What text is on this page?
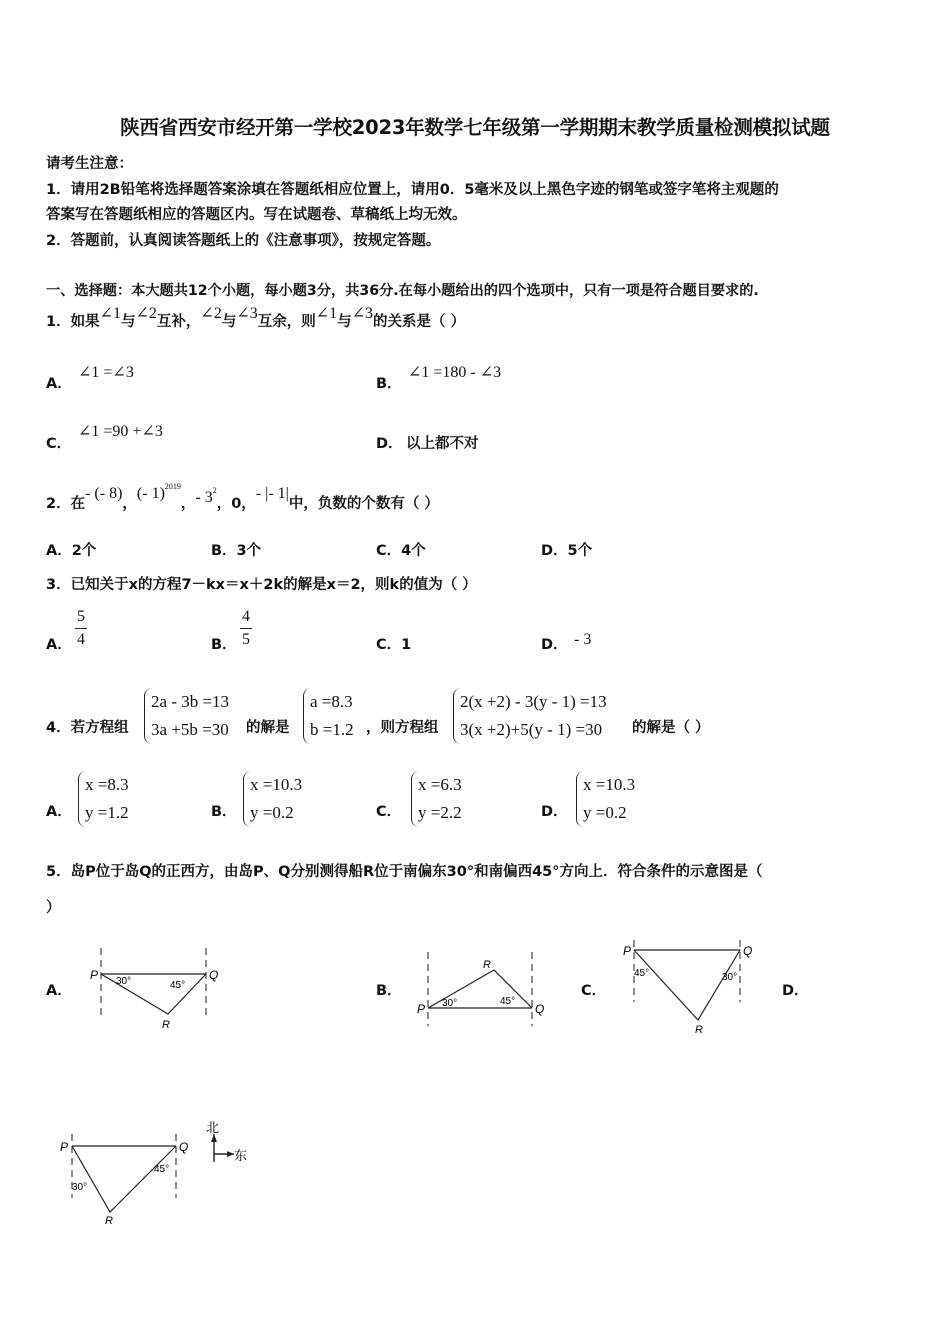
陕西省西安市经开第一学校2023年数学七年级第一学期期末教学质量检测模拟试题
请考生注意：
1．请用2B铅笔将选择题答案涂填在答题纸相应位置上，请用0．5毫米及以上黑色字迹的钢笔或签字笔将主观题的
答案写在答题纸相应的答题区内。写在试题卷、草稿纸上均无效。
2．答题前，认真阅读答题纸上的《注意事项》，按规定答题。
一、选择题：本大题共12个小题，每小题3分，共36分.在每小题给出的四个选项中，只有一项是符合题目要求的.
1．如果∠1与∠2互补，∠2与∠3互余，则∠1与∠3的关系是（ ）
A．
∠1 =∠3
B．
∠1 =180 - ∠3
C．
∠1 =90 +∠3
D． 以上都不对
2．在- (- 8)，(- 1)$^{2019}$，- $3^2$，0，- |- 1|中，负数的个数有（ ）
A．2个	B．3个	C．4个	D．5个
3．已知关于x的方程7－kx＝x＋2k的解是x＝2，则k的值为（ ）
A． $\frac{5}{4}$	B． $\frac{4}{5}$	C．1	D． - 3
4．若方程组
2a - 3b =13
3a +5b =30 的解是
a =8.3
b =1.2 ，则方程组
2(x +2) - 3(y - 1) =13
3(x +2)+5(y - 1) =30	的解是（ ）
A．
x =8.3
y =1.2	B．
x =10.3
y =0.2	C．
x =6.3
y =2.2	D．
x =10.3
y =0.2
5．岛P位于岛Q的正西方，由岛P、Q分别测得船R位于南偏东30°和南偏西45°方向上．符合条件的示意图是（
）
A．	B．	C．	D．
P	Q
R
30°	45°
P	Q
R
30°	45°
P	Q
R
45°	30°
P	Q
R
30°
45°
北
东
